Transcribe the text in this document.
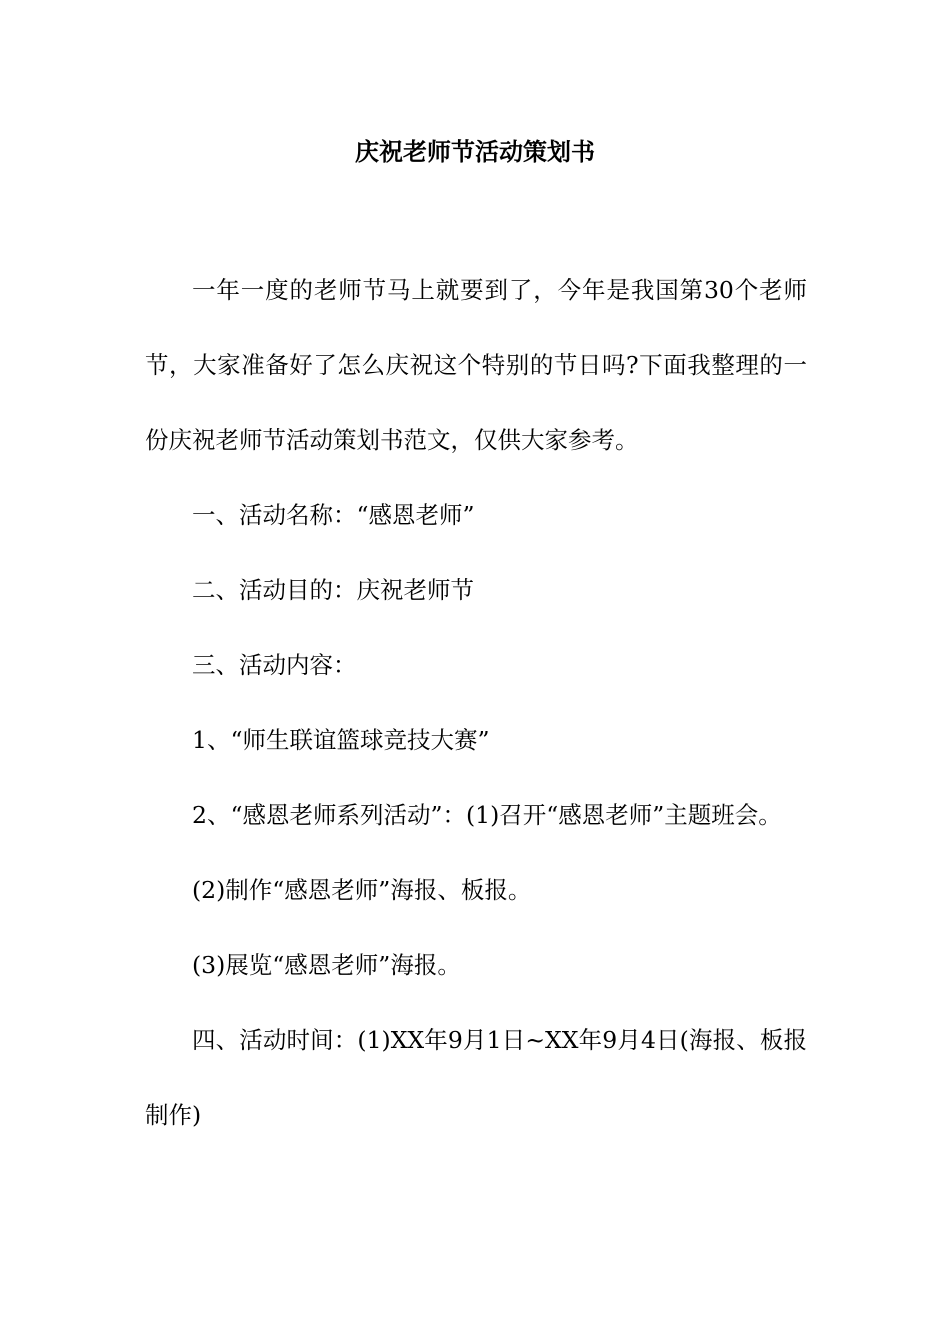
庆祝老师节活动策划书

一年一度的老师节马上就要到了，今年是我国第30个老师节，大家准备好了怎么庆祝这个特别的节日吗?下面我整理的一份庆祝老师节活动策划书范文，仅供大家参考。

一、活动名称：“感恩老师”

二、活动目的：庆祝老师节

三、活动内容：

1、“师生联谊篮球竞技大赛”

2、“感恩老师系列活动”：(1)召开“感恩老师”主题班会。

(2)制作“感恩老师”海报、板报。

(3)展览“感恩老师”海报。

四、活动时间：(1)XX年9月1日~XX年9月4日(海报、板报制作)
